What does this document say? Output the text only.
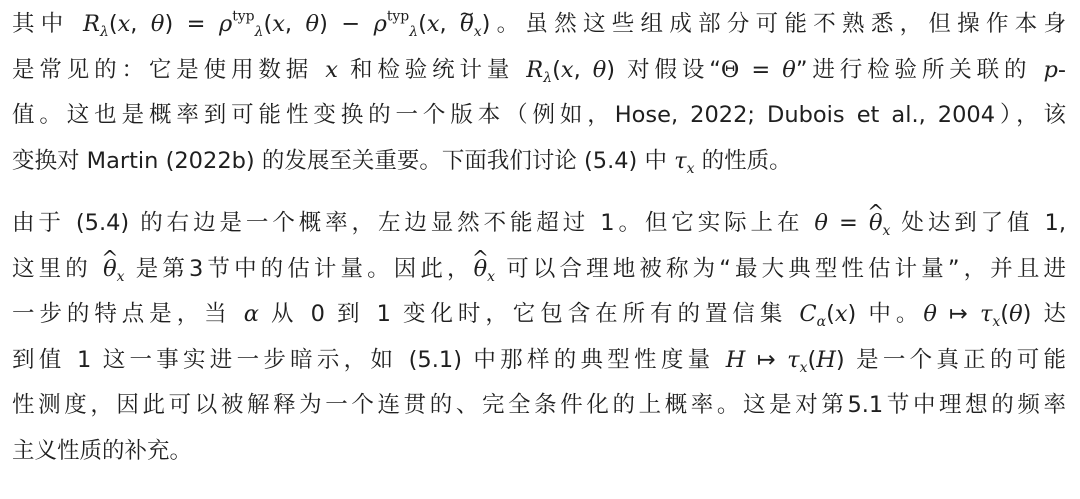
其中 $R_\lambda(x$, $\theta) = \rho^{typ}_\lambda(x$, $\theta) - \rho^{typ}_\lambda(x$, ~ $\theta_x$)。虽然这些组成部分可能不熟悉，但操作本身
是常见的：它是使用数据 x 和检验统计量 $R_\lambda(x$, θ) 对假设“Θ = θ”进行检验所关联的 p-
值。这也是概率到可能性变换的一个版本（例如，Hose, 2022; Dubois et al., 2004），该
变换对 Martin (2022b) 的发展至关重要。下面我们讨论 (5.4) 中 $\tau_x$ 的性质。
由于 (5.4) 的右边是一个概率，左边显然不能超过 1。但它实际上在 θ = ^ $\theta_x$ 处达到了值 1,
这里的 ^ $\theta_x$ 是第3节中的估计量。因此，^ $\theta_x$ 可以合理地被称为“最大典型性估计量”，并且进
一步的特点是，当 α 从 0 到 1 变化时，它包含在所有的置信集 $C_\alpha(x)$ 中。θ ↦ $\tau_x(\theta)$ 达
到值 1 这一事实进一步暗示，如 (5.1) 中那样的典型性度量 H ↦ $\tau_x(H)$ 是一个真正的可能
性测度，因此可以被解释为一个连贯的、完全条件化的上概率。这是对第5.1节中理想的频率
主义性质的补充。
